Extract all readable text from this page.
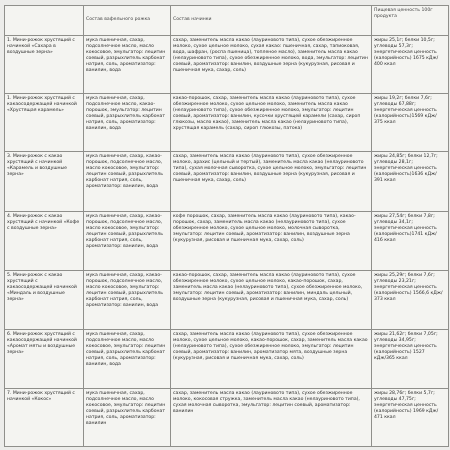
	Состав вафельного рожка	Состав начинки	Пищевая ценность 100г продукта

1. Мини-рожок хрустящий с начинкой «Сахара в воздушные зерна»	мука пшеничная, сахар, подсолнечное масло, масло кокосовое, эмульгатор: лецитин соевый, разрыхлитель карбонат натрия, соль, ароматизатор: ванилин, вода	сахар, заменитель масла какао (лауриновото типа), сухое обезжиренное молоко, сухое цельное молоко, сухая какао: пшеничная, сахар, тапиоковая, вода, шафран, (роспа пшеница), топленое масло), заменитель масла какао (нелауриновото типа), сухое обезжиренное молоко, вода, эмульгатор: лецитин соевый, ароматизатор: ванилин, воздушные зерна (кукурузная, рисовая и пшеничная мука, сахар, соль)	жиры 25,1г; белки 10,5г; углеводы 57,3г; энергетическая ценность (калорийность) 1675 кДж/ 400 ккал

1. Мини-рожок хрустящий с какаосодержащей начинкой «Хрустящая карамель»	мука пшеничная, сахар, подсолнечное масло, какао-порошок, эмульгатор: лецитин соевый, разрыхлитель карбонат натрия, соль, ароматизатор: ванилин, вода	какао-порошок, сахар, заменитель масла какао (лауриновото типа), сухое обезжиренное молоко, сухое цельное молоко, заменитель масла какао (нелауриновото типа), сухое обезжиренное молоко, эмульгатор: лецитин соевый, ароматизатор: ванилин, кусочки хрустящей карамели (сахар, сироп глюкозы, масло какао), заменитель масла какао (нелауриновото типа), хрустящая карамель (сахар, сироп глюкозы, патока)	жиры 19,2г; белки 7,6г; углеводы 67,88г; энергетическая ценность (калорийность)1569 кДж/ 375 ккал

3. Мини-рожок с какао хрустящий с начинкой «Карамель и воздушные зерна»	мука пшеничная, сахар, какао-порошок, подсолнечное масло, масло кокосовое, эмульгатор: лецитин соевый, разрыхлитель карбонат натрия, соль, ароматизатор: ванилин, вода	сахар, заменитель масла какао (лауриновото типа), сухое обезжиренное молоко, арахис (цельный и тертый), заменитель масла какао (нелауриновото типа), сухая молочная сыворотка, сухое цельное молоко, эмульгатор: лецитин соевый, ароматизатор: ванилин, воздушные зерна (кукурузная, рисовая и пшеничная мука, сахар, соль)	жиры 24,85г; белки 12,7г; углеводы 28,1г; энергетическая ценность (калорийность)1636 кДж/ 391 ккал

4. Мини-рожок с какао хрустящий с начинкой «Кофе с воздушные зерна»	мука пшеничная, сахар, какао-порошок, подсолнечное масло, масло кокосовое, эмульгатор: лецитин соевый, разрыхлитель карбонат натрия, соль, ароматизатор: ванилин, вода	кофе порошок, сахар, заменитель масла какао (лауриновото типа), какао-порошок, сахар, заменитель масла какао (нелауриновото типа), сухое обезжиренное молоко, сухое цельное молоко, молочная сыворотка, эмульгатор: лецитин соевый, ароматизатор: ванилин, воздушные зерна (кукурузная, рисовая и пшеничная мука, сахар, соль)	жиры 27,54г; белки 7,8г; углеводы 34,1г; энергетическая ценность (калорийность)1741 кДж/ 416 ккал

5. Мини-рожок с какао хрустящий с какаосодержащей начинкой «Миндаль и воздушные зерна»	мука пшеничная, сахар, какао-порошок, подсолнечное масло, масло кокосовое, эмульгатор: лецитин соевый, разрыхлитель карбонат натрия, соль, ароматизатор: ванилин, вода	какао-порошок, сахар, заменитель масла какао (лауриновото типа), сухое обезжиренное молоко, сухое цельное молоко, какао-порошок, сахар, заменитель масла какао (нелауриновото типа), сухое обезжиренное молоко, эмульгатор: лецитин соевый, ароматизатор: ванилин, миндаль цельный, воздушные зерна (кукурузная, рисовая и пшеничная мука, сахар, соль)	жиры 25,29г; белки 7,6г; углеводы 23,21г; энергетическая ценность (калорийность) 1566,6 кДж/ 373 ккал

6. Мини-рожок хрустящий с какаосодержащей начинкой «Аромат мяты и воздушные зерна»	мука пшеничная, сахар, подсолнечное масло, масло кокосовое, эмульгатор: лецитин соевый, разрыхлитель карбонат натрия, соль, ароматизатор: ванилин, вода	сахар, заменитель масла какао (лауриновото типа), сухое обезжиренное молоко, сухое цельное молоко, какао-порошок, сахар, заменитель масла какао (нелауриновото типа), сухое обезжиренное молоко, эмульгатор: лецитин соевый, ароматизатор: ванилин, ароматизатор мята, воздушные зерна (кукурузная, рисовая и пшеничная мука, сахар, соль)	жиры 21,62г; белки 7,05г; углеводы 34,95г; энергетическая ценность (калорийность) 1527 кДж/365 ккал

7. Мини-рожок хрустящий с начинкой «Кокос»	мука пшеничная, сахар, подсолнечное масло, масло кокосовое, эмульгатор: лецитин соевый, разрыхлитель карбонат натрия, соль, ароматизатор: ванилин	сахар, заменитель масла какао (лауриновото типа), сухое обезжиренное молоко, кокосовая стружка, заменитель масла какао (нелауриновото типа), сухая молочная сыворотка, эмульгатор: лецитин соевый, ароматизатор: ванилин	жиры 28,76г; белки 5,7г; углеводы 47,75г; энергетическая ценность (калорийность) 1969 кДж/ 471 ккал
